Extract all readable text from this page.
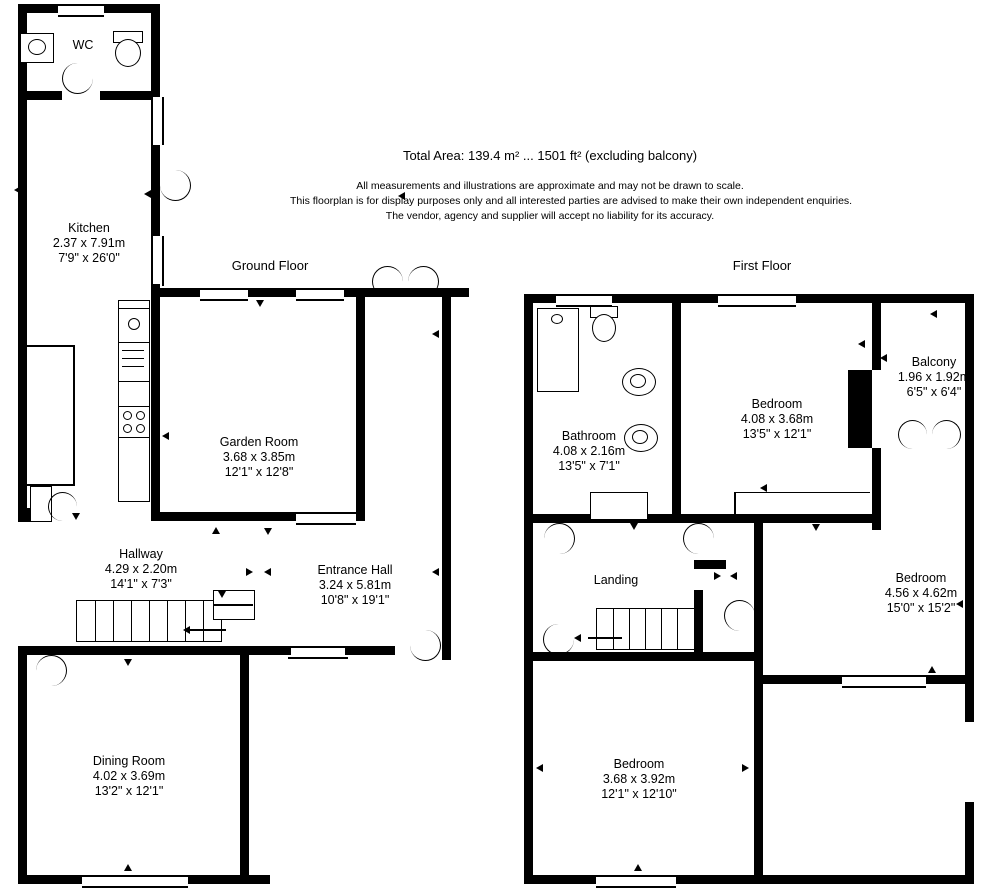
Total Area: 139.4 m² ... 1501 ft² (excluding balcony)
All measurements and illustrations are approximate and may not be drawn to scale.
This floorplan is for display purposes only and all interested parties are advised to make their own independent enquiries.
The vendor, agency and supplier will accept no liability for its accuracy.
Ground Floor	First Floor
WC
Kitchen
2.37 x 7.91m
7'9" x 26'0"
Garden Room
3.68 x 3.85m
12'1" x 12'8"
Hallway
4.29 x 2.20m
14'1" x 7'3"
Entrance Hall
3.24 x 5.81m
10'8" x 19'1"
Dining Room
4.02 x 3.69m
13'2" x 12'1"
Balcony
1.96 x 1.92m
6'5" x 6'4"
Bedroom
4.08 x 3.68m
13'5" x 12'1"
Bathroom
4.08 x 2.16m
13'5" x 7'1"
Landing	Bedroom
4.56 x 4.62m
15'0" x 15'2"
Bedroom
3.68 x 3.92m
12'1" x 12'10"
